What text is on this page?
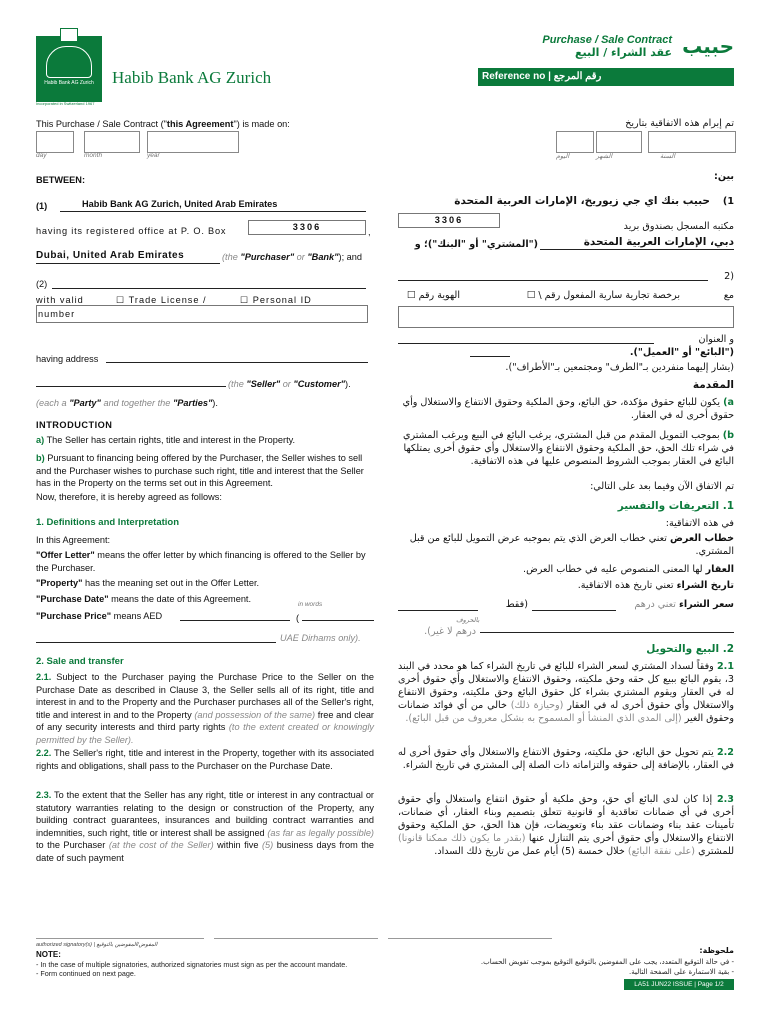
Habib Bank AG Zurich
Incorporated in Switzerland 1967
Habib Bank AG Zurich
Purchase / Sale Contract
عقد الشراء / البيع حبيب
Reference no | رقم المرجع
This Purchase / Sale Contract ("this Agreement") is made on:	تم إبرام هذه الاتفاقية بتاريخ
day	month	year	اليوم	الشهر	السنة
BETWEEN:	بين:
(1)	Habib Bank AG Zurich, United Arab Emirates	حبيب بنك اي جي زيوريخ، الإمارات العربية المتحدة	1)
having its registered office at P. O. Box	3306	,
3306
مكتبه المسجل بصندوق بريد
Dubai, United Arab Emirates	(the "Purchaser" or "Bank"); and
دبي، الإمارات العربية المتحدة
("المشتري" أو "البنك")؛ و
(2)
(2
with valid	☐ Trade License /	☐ Personal ID
number
الهوية رقم ☐	برخصة تجارية سارية المفعول رقم \ ☐	مع
و العنوان
having address
("البائع" أو "العميل").
(يشار إليهما منفردين بـ"الطرف" ومجتمعين بـ"الأطراف").
(the "Seller" or "Customer").
(each a "Party" and together the "Parties").
المقدمة
INTRODUCTION
a) The Seller has certain rights, title and interest in the Property.
b) Pursuant to financing being offered by the Purchaser, the Seller wishes to sell and the Purchaser wishes to purchase such right, title and interest that the Seller has in the Property on the terms set out in this Agreement.
a) يكون للبائع حقوق مؤكدة، حق البائع، وحق الملكية وحقوق الانتفاع والاستغلال وأي حقوق أخرى له في العقار.
b) بموجب التمويل المقدم من قبل المشتري، يرغب البائع في البيع ويرغب المشتري في شراء تلك الحق، حق الملكية وحقوق الانتفاع والاستغلال وأي حقوق أخرى يمتلكها البائع في العقار بموجب الشروط المنصوص عليها في هذه الاتفاقية.
Now, therefore, it is hereby agreed as follows:
تم الاتفاق الآن وفيما بعد على التالي:
1. Definitions and Interpretation
1. التعريفات والتفسير
In this Agreement:
في هذه الاتفاقية:
"Offer Letter" means the offer letter by which financing is offered to the Seller by the Purchaser.
خطاب العرض تعني خطاب العرض الذي يتم بموجبه عرض التمويل للبائع من قبل المشتري.
"Property" has the meaning set out in the Offer Letter.
العقار لها المعنى المنصوص عليه في خطاب العرض.
"Purchase Date" means the date of this Agreement.
تاريخ الشراء تعني تاريخ هذه الاتفاقية.
"Purchase Price" means AED
in words
(
UAE Dirhams only).
سعر الشراء تعني درهم
(فقط
بالحروف
درهم لا غير).
2. Sale and transfer
2. البيع والتحويل
2.1. Subject to the Purchaser paying the Purchase Price to the Seller on the Purchase Date as described in Clause 3, the Seller sells all of its right, title and interest in and to the Property and the Purchaser purchases all of the Seller's right, title and interest in and to the Property (and possession of the same) free and clear of any security interests and third party rights (to the extent created or knowingly permitted by the Seller).
2.1 وفقاً لسداد المشتري لسعر الشراء للبائع في تاريخ الشراء كما هو محدد في البند 3، يقوم البائع ببيع كل حقه وحق ملكيته، وحقوق الانتفاع والاستغلال وأي حقوق أخرى له في العقار ويقوم المشتري بشراء كل حقوق البائع وحق ملكيته، وحقوق الانتفاع والاستغلال وأي حقوق أخرى له في العقار (وحيازة ذلك) خالي من أي فوائد ضمانات وحقوق الغير (إلى المدى الذي المنشأ أو المسموح به بشكل معروف من قبل البائع).
2.2. The Seller's right, title and interest in the Property, together with its associated rights and obligations, shall pass to the Purchaser on the Purchase Date.
2.2 يتم تحويل حق البائع، حق ملكيته، وحقوق الانتفاع والاستغلال وأي حقوق أخرى له في العقار، بالإضافة إلى حقوقه والتزاماته ذات الصلة إلى المشتري في تاريخ الشراء.
2.3. To the extent that the Seller has any right, title or interest in any contractual or statutory warranties relating to the design or construction of the Property, any building contract guarantees, insurances and building contract warranties and indemnities, such right, title or interest shall be assigned (as far as legally possible) to the Purchaser (at the cost of the Seller) within five (5) business days from the date of such payment
2.3 إذا كان لدى البائع أي حق، وحق ملكية أو حقوق انتفاع واستغلال وأي حقوق أخرى في أي ضمانات تعاقدية أو قانونية تتعلق بتصميم وبناء العقار، أي ضمانات، تأمينات عقد بناء وضمانات عقد بناء وتعويضات، فإن هذا الحق، حق الملكية وحقوق الانتفاع والاستغلال وأي حقوق أخرى يتم التنازل عنها (بقدر ما يكون ذلك ممكنا قانونا) للمشتري (على نفقة البائع) خلال خمسة (5) أيام عمل من تاريخ ذلك السداد.
authorized signatory(s) | المفوض/المفوضين بالتوقيع
NOTE:
- In the case of multiple signatories, authorized signatories must sign as per the account mandate.
- Form continued on next page.
ملحوظة:
- في حالة التوقيع المتعدد، يجب على المفوضين بالتوقيع التوقيع بموجب تفويض الحساب.
- بقية الاستمارة على الصفحة التالية.
LA51 JUN22 ISSUE | Page 1/2
